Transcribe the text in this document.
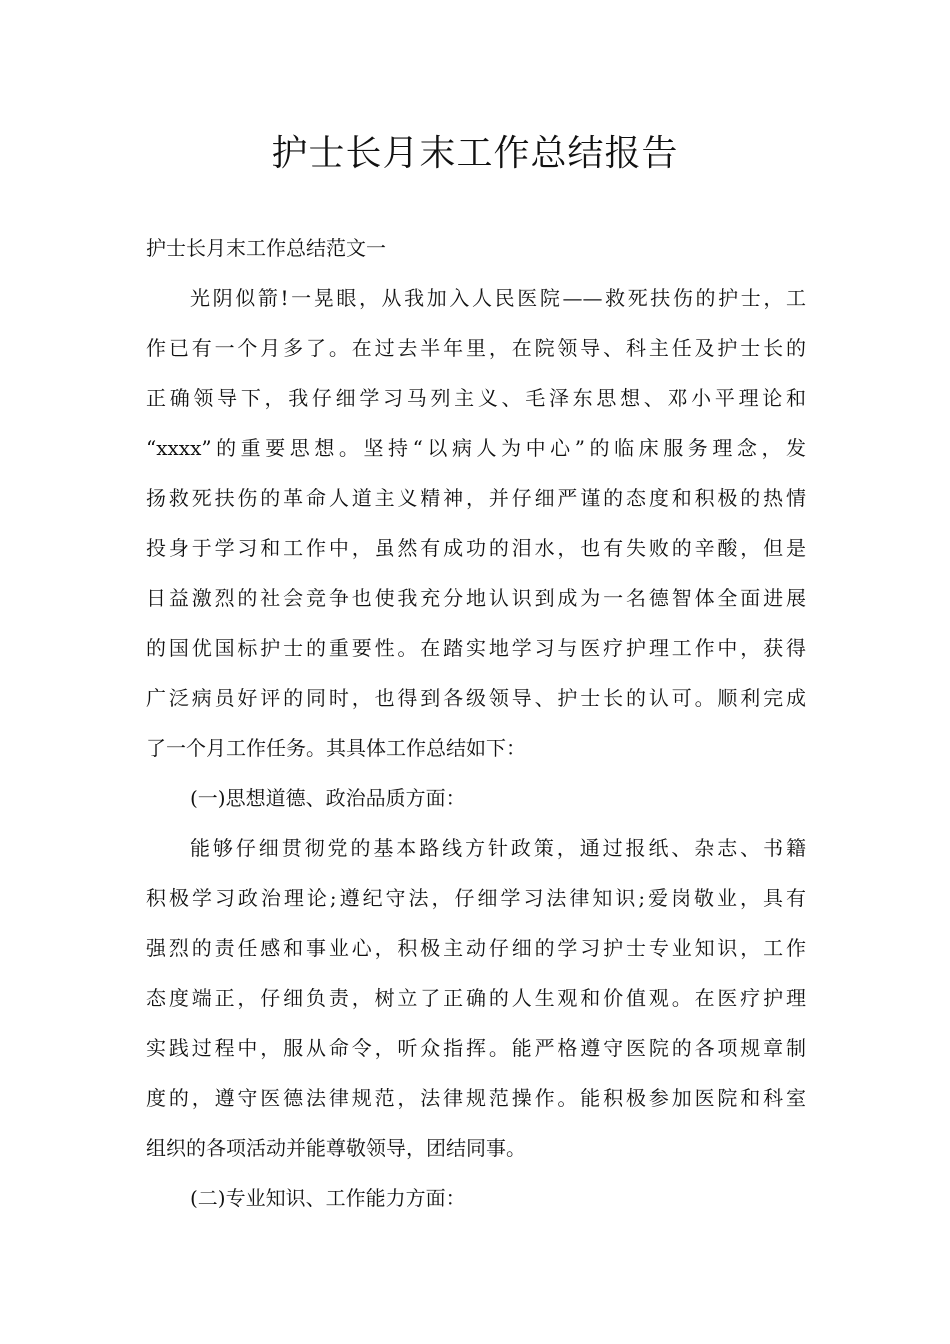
护士长月末工作总结报告

护士长月末工作总结范文一

光阴似箭!一晃眼，从我加入人民医院——救死扶伤的护士，工

作已有一个月多了。在过去半年里，在院领导、科主任及护士长的

正确领导下，我仔细学习马列主义、毛泽东思想、邓小平理论和

“xxxx”的重要思想。坚持“以病人为中心”的临床服务理念，发

扬救死扶伤的革命人道主义精神，并仔细严谨的态度和积极的热情

投身于学习和工作中，虽然有成功的泪水，也有失败的辛酸，但是

日益激烈的社会竞争也使我充分地认识到成为一名德智体全面进展

的国优国标护士的重要性。在踏实地学习与医疗护理工作中，获得

广泛病员好评的同时，也得到各级领导、护士长的认可。顺利完成

了一个月工作任务。其具体工作总结如下：

(一)思想道德、政治品质方面：

能够仔细贯彻党的基本路线方针政策，通过报纸、杂志、书籍

积极学习政治理论;遵纪守法，仔细学习法律知识;爱岗敬业，具有

强烈的责任感和事业心，积极主动仔细的学习护士专业知识，工作

态度端正，仔细负责，树立了正确的人生观和价值观。在医疗护理

实践过程中，服从命令，听众指挥。能严格遵守医院的各项规章制

度的，遵守医德法律规范，法律规范操作。能积极参加医院和科室

组织的各项活动并能尊敬领导，团结同事。

(二)专业知识、工作能力方面：
